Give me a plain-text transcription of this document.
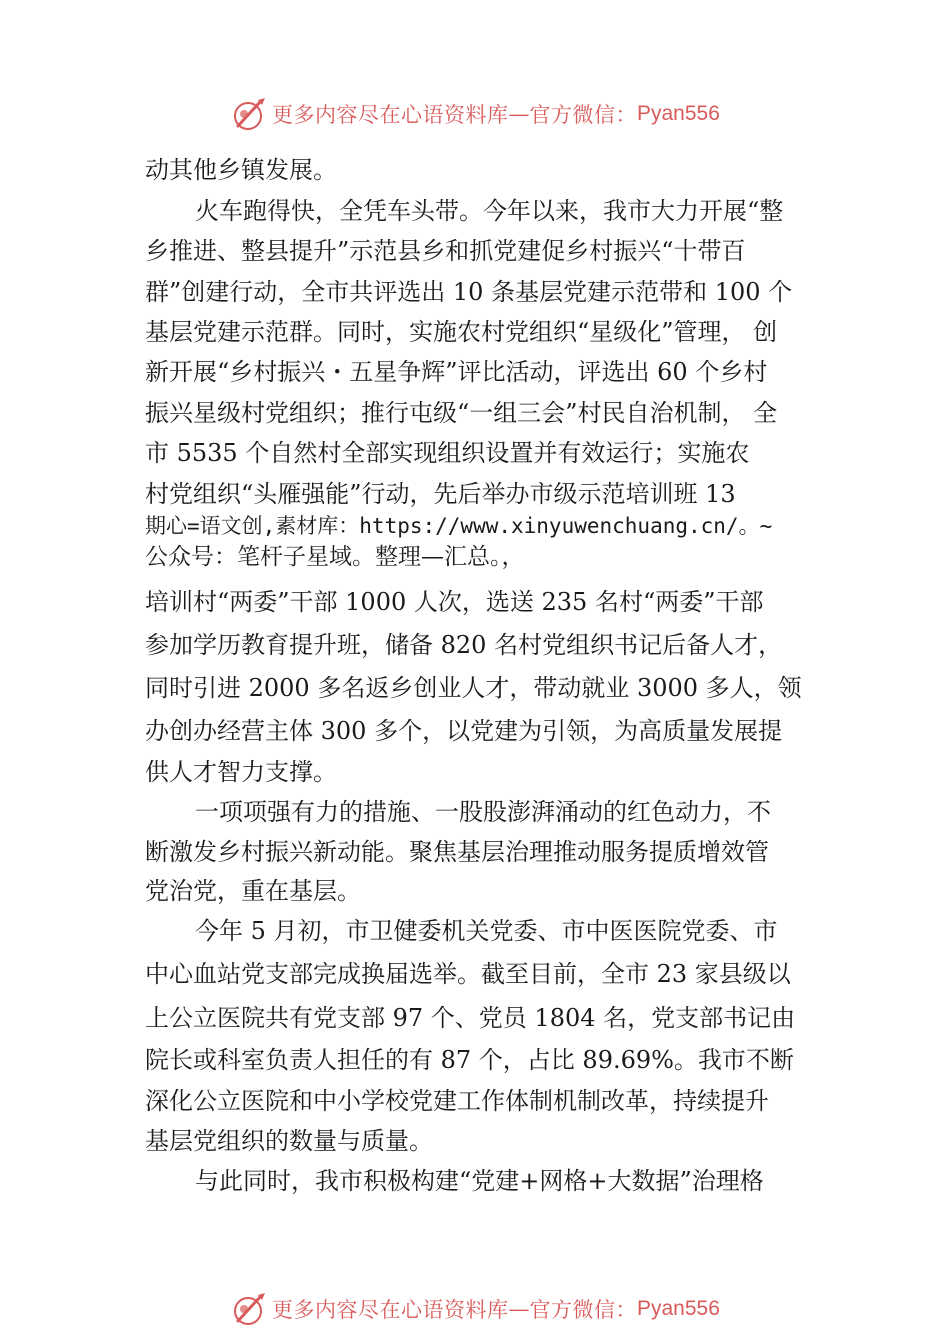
更多内容尽在心语资料库 — 官方微信： Pyan556
动其他乡镇发展。
火车跑得快，全凭车头带。今年以来，我市大力开展“整
乡推进、整县提升”示范县乡和抓党建促乡村振兴“十带百
群”创建行动，全市共评选出 10 条基层党建示范带和 100 个
基层党建示范群。同时，实施农村党组织“星级化”管理， 创
新开展“乡村振兴・五星争辉”评比活动，评选出 60 个乡村
振兴星级村党组织；推行屯级“一组三会”村民自治机制， 全
市 5535 个自然村全部实现组织设置并有效运行；实施农
村党组织“头雁强能”行动，先后举办市级示范培训班 13
期心=语文创,素材库：https://www.xinyuwenchuang.cn/。~
公众号：笔杆子星域。整理—汇总。，
培训村“两委”干部 1000 人次，选送 235 名村“两委”干部
参加学历教育提升班，储备 820 名村党组织书记后备人才，
同时引进 2000 多名返乡创业人才，带动就业 3000 多人，领
办创办经营主体 300 多个，以党建为引领，为高质量发展提
供人才智力支撑。
一项项强有力的措施、一股股澎湃涌动的红色动力，不
断激发乡村振兴新动能。聚焦基层治理推动服务提质增效管
党治党，重在基层。
今年 5 月初，市卫健委机关党委、市中医医院党委、市
中心血站党支部完成换届选举。截至目前，全市 23 家县级以
上公立医院共有党支部 97 个、党员 1804 名，党支部书记由
院长或科室负责人担任的有 87 个，占比 89.69%。我市不断
深化公立医院和中小学校党建工作体制机制改革，持续提升
基层党组织的数量与质量。
与此同时，我市积极构建“党建+网格+大数据”治理格
更多内容尽在心语资料库 — 官方微信： Pyan556
